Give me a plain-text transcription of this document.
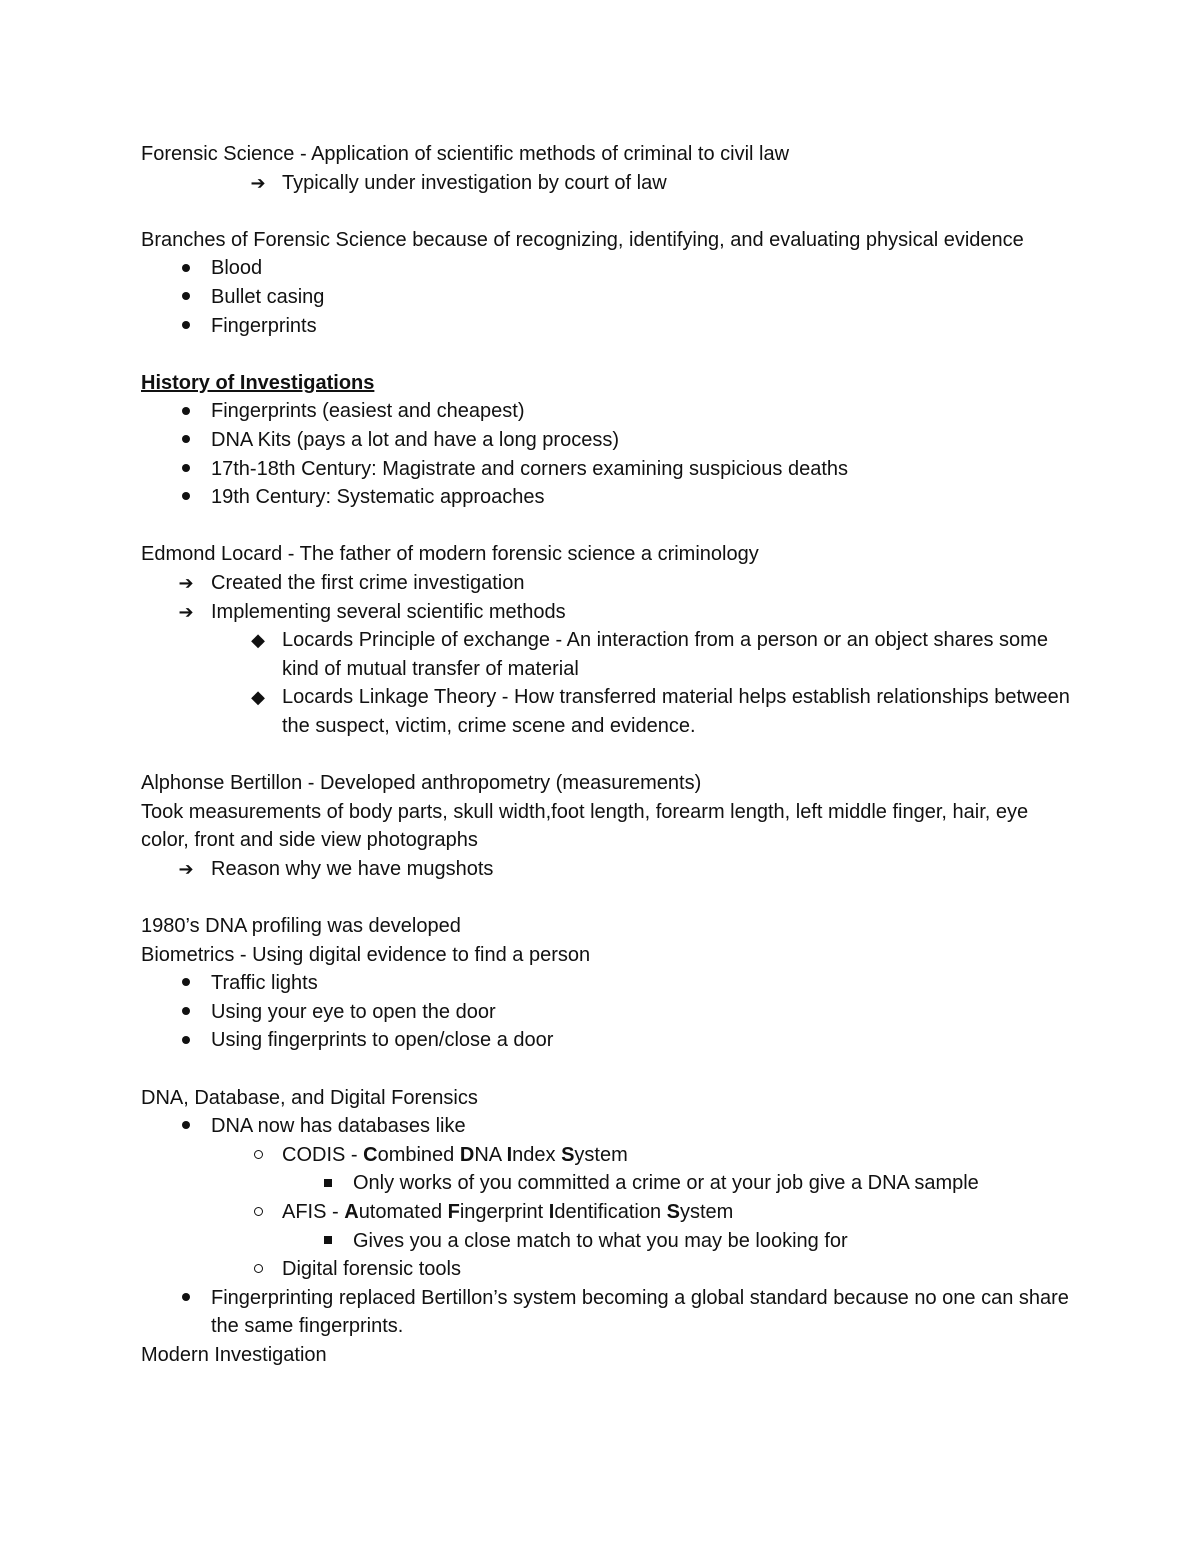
Forensic Science - Application of scientific methods of criminal to civil law
➔ Typically under investigation by court of law
Branches of Forensic Science because of recognizing, identifying, and evaluating physical evidence
Blood
Bullet casing
Fingerprints
History of Investigations
Fingerprints (easiest and cheapest)
DNA Kits (pays a lot and have a long process)
17th-18th Century: Magistrate and corners examining suspicious deaths
19th Century: Systematic approaches
Edmond Locard - The father of modern forensic science a criminology
➔ Created the first crime investigation
➔ Implementing several scientific methods
◆ Locards Principle of exchange - An interaction from a person or an object shares some kind of mutual transfer of material
◆ Locards Linkage Theory - How transferred material helps establish relationships between the suspect, victim, crime scene and evidence.
Alphonse Bertillon - Developed anthropometry (measurements)
Took measurements of body parts, skull width,foot length, forearm length, left middle finger, hair, eye color, front and side view photographs
➔ Reason why we have mugshots
1980’s DNA profiling was developed
Biometrics - Using digital evidence to find a person
Traffic lights
Using your eye to open the door
Using fingerprints to open/close a door
DNA, Database, and Digital Forensics
DNA now has databases like
CODIS - Combined DNA Index System
Only works of you committed a crime or at your job give a DNA sample
AFIS - Automated Fingerprint Identification System
Gives you a close match to what you may be looking for
Digital forensic tools
Fingerprinting replaced Bertillon’s system becoming a global standard because no one can share the same fingerprints.
Modern Investigation
